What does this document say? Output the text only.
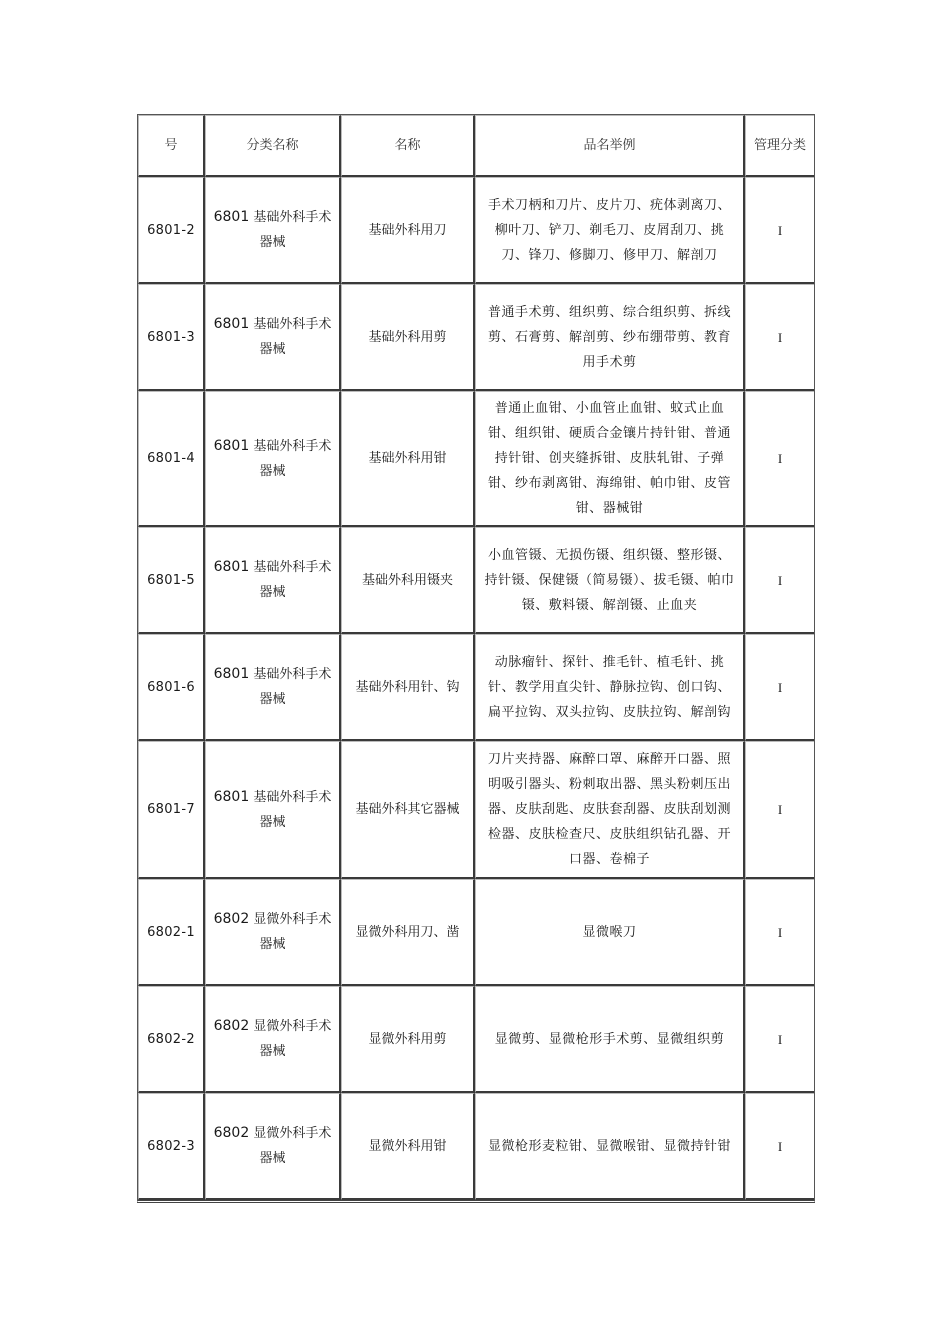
号	分类名称	名称	品名举例	管理分类
6801-2	6801 基础外科手术器械	基础外科用刀	手术刀柄和刀片、皮片刀、疣体剥离刀、柳叶刀、铲刀、剃毛刀、皮屑刮刀、挑刀、锋刀、修脚刀、修甲刀、解剖刀	I
6801-3	6801 基础外科手术器械	基础外科用剪	普通手术剪、组织剪、综合组织剪、拆线剪、石膏剪、解剖剪、纱布绷带剪、教育用手术剪	I
6801-4	6801 基础外科手术器械	基础外科用钳	普通止血钳、小血管止血钳、蚊式止血钳、组织钳、硬质合金镶片持针钳、普通持针钳、创夹缝拆钳、皮肤轧钳、子弹钳、纱布剥离钳、海绵钳、帕巾钳、皮管钳、器械钳	I
6801-5	6801 基础外科手术器械	基础外科用镊夹	小血管镊、无损伤镊、组织镊、整形镊、持针镊、保健镊（简易镊）、拔毛镊、帕巾镊、敷料镊、解剖镊、止血夹	I
6801-6	6801 基础外科手术器械	基础外科用针、钩	动脉瘤针、探针、推毛针、植毛针、挑针、教学用直尖针、静脉拉钩、创口钩、扁平拉钩、双头拉钩、皮肤拉钩、解剖钩	I
6801-7	6801 基础外科手术器械	基础外科其它器械	刀片夹持器、麻醉口罩、麻醉开口器、照明吸引器头、粉刺取出器、黑头粉刺压出器、皮肤刮匙、皮肤套刮器、皮肤刮划测检器、皮肤检查尺、皮肤组织钻孔器、开口器、卷棉子	I
6802-1	6802 显微外科手术器械	显微外科用刀、凿	显微喉刀	I
6802-2	6802 显微外科手术器械	显微外科用剪	显微剪、显微枪形手术剪、显微组织剪	I
6802-3	6802 显微外科手术器械	显微外科用钳	显微枪形麦粒钳、显微喉钳、显微持针钳	I
